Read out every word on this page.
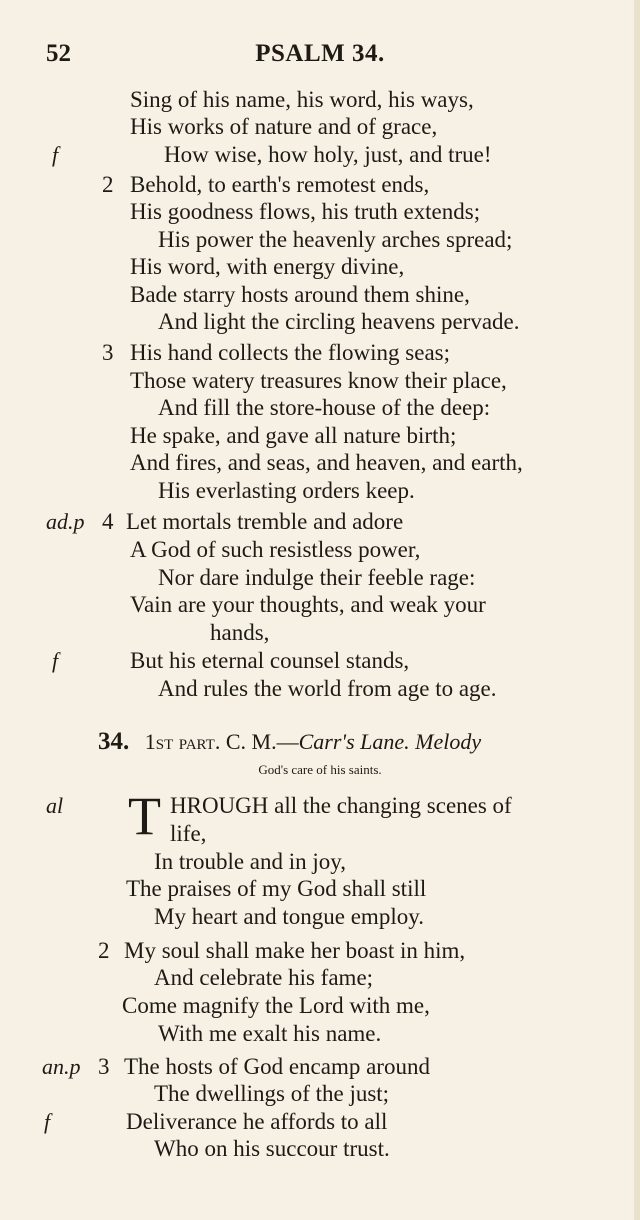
52	PSALM 34.
Sing of his name, his word, his ways,
His works of nature and of grace,
f	How wise, how holy, just, and true!
2 Behold, to earth's remotest ends,
His goodness flows, his truth extends;
His power the heavenly arches spread;
His word, with energy divine,
Bade starry hosts around them shine,
And light the circling heavens pervade.
3 His hand collects the flowing seas;
Those watery treasures know their place,
And fill the store-house of the deep:
He spake, and gave all nature birth;
And fires, and seas, and heaven, and earth,
His everlasting orders keep.
ad.p 4 Let mortals tremble and adore
A God of such resistless power,
Nor dare indulge their feeble rage:
Vain are your thoughts, and weak your
hands,
f	But his eternal counsel stands,
And rules the world from age to age.
34. 1st part. C. M.—Carr's Lane. Melody
God's care of his saints.
al T HROUGH all the changing scenes of
life,
In trouble and in joy,
The praises of my God shall still
My heart and tongue employ.
2 My soul shall make her boast in him,
And celebrate his fame;
Come magnify the Lord with me,
With me exalt his name.
an.p 3 The hosts of God encamp around
The dwellings of the just;
f	Deliverance he affords to all
Who on his succour trust.
